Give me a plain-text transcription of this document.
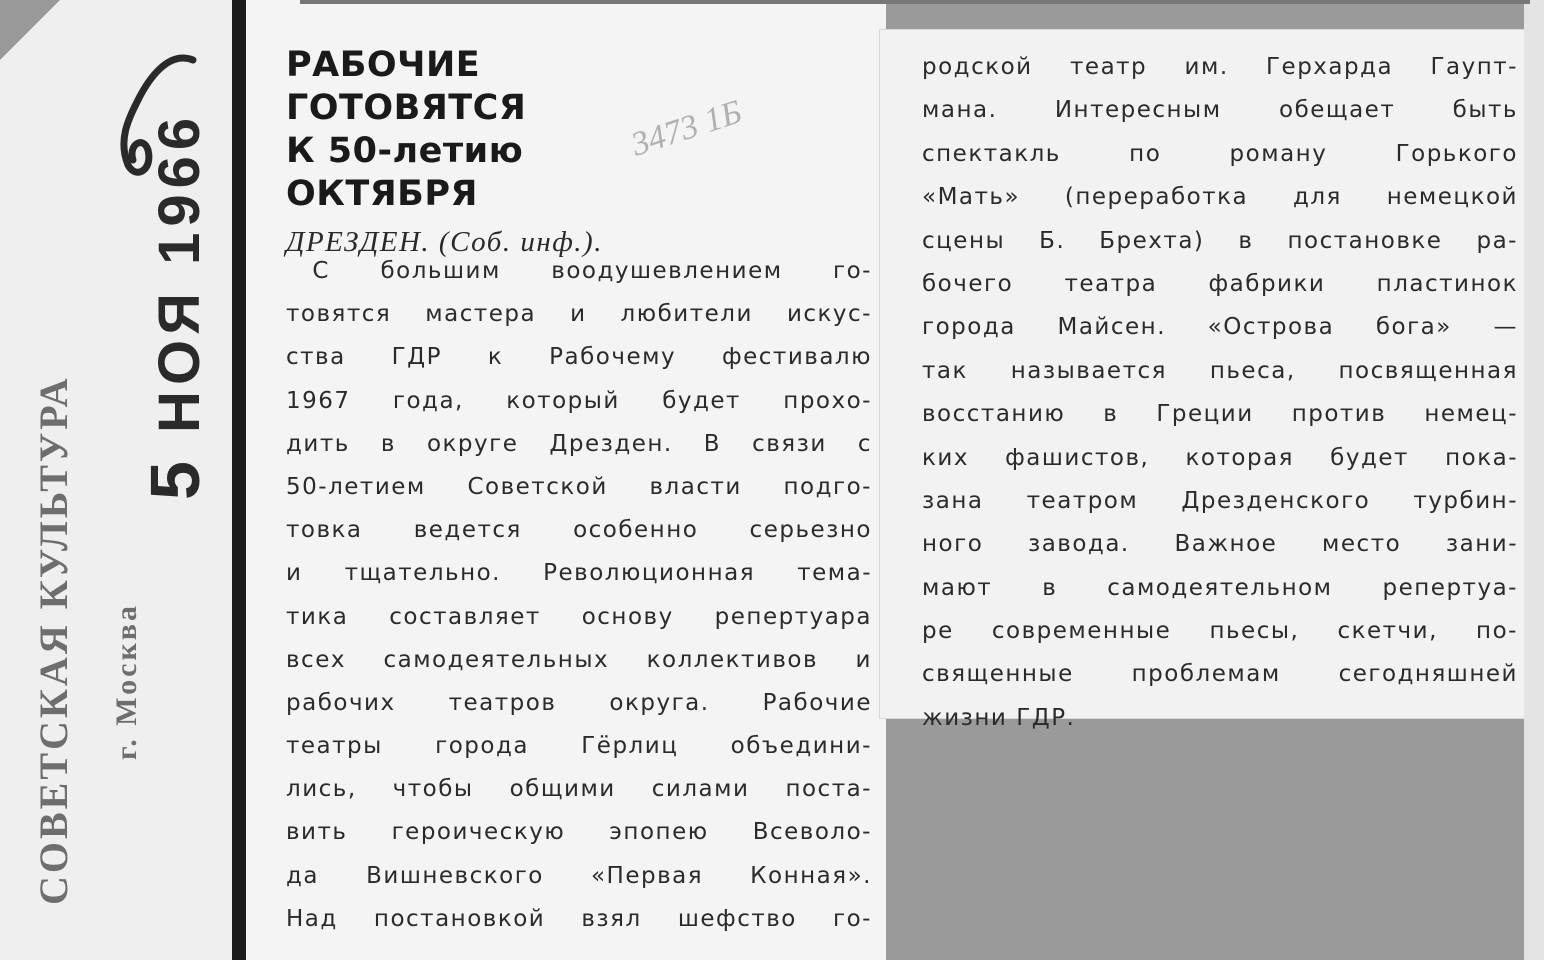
СОВЕТСКАЯ КУЛЬТУРА г. Москва
5 НОЯ 1966	3473 1Б
РАБОЧИЕ
ГОТОВЯТСЯ
К 50-летию
ОКТЯБРЯ

ДРЕЗДЕН. (Соб. инф.).

С большим воодушевлением го-
товятся мастера и любители искус-
ства ГДР к Рабочему фестивалю
1967 года, который будет прохо-
дить в округе Дрезден. В связи с
50-летием Советской власти подго-
товка ведется особенно серьезно
и тщательно. Революционная тема-
тика составляет основу репертуара
всех самодеятельных коллективов и
рабочих театров округа. Рабочие
театры города Гёрлиц объедини-
лись, чтобы общими силами поста-
вить героическую эпопею Всеволо-
да Вишневского «Первая Конная».
Над постановкой взял шефство го-
родской театр им. Герхарда Гаупт-
мана. Интересным обещает быть
спектакль	по	роману	Горького
«Мать» (переработка для немецкой
сцены Б. Брехта) в постановке ра-
бочего театра фабрики пластинок
города Майсен. «Острова бога» —
так называется пьеса, посвященная
восстанию в Греции против немец-
ких фашистов, которая будет пока-
зана театром Дрезденского турбин-
ного завода. Важное место зани-
мают в самодеятельном репертуа-
ре современные пьесы, скетчи, по-
священные	проблемам	сегодняшней
жизни ГДР.
